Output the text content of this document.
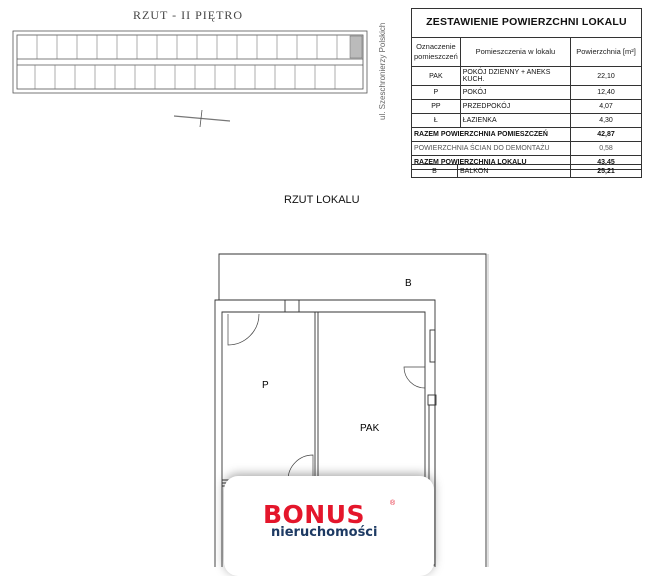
RZUT - II PIĘTRO
ul. Szeschronierzy Polskich
ZESTAWIENIE POWIERZCHNI LOKALU
Oznaczenie pomieszczeń	Pomieszczenia w lokalu	Powierzchnia [m²]
PAK	POKÓJ DZIENNY + ANEKS KUCH.	22,10
P	POKÓJ	12,40
PP	PRZEDPOKÓJ	4,07
Ł	ŁAZIENKA	4,30
RAZEM POWIERZCHNIA POMIESZCZEŃ		42,87
POWIERZCHNIA ŚCIAN DO DEMONTAŻU		0,58
RAZEM POWIERZCHNIA LOKALU		43,45
B	BALKON	25,21
RZUT LOKALU
B
P
PAK
BONUS	®
nieruchomości
